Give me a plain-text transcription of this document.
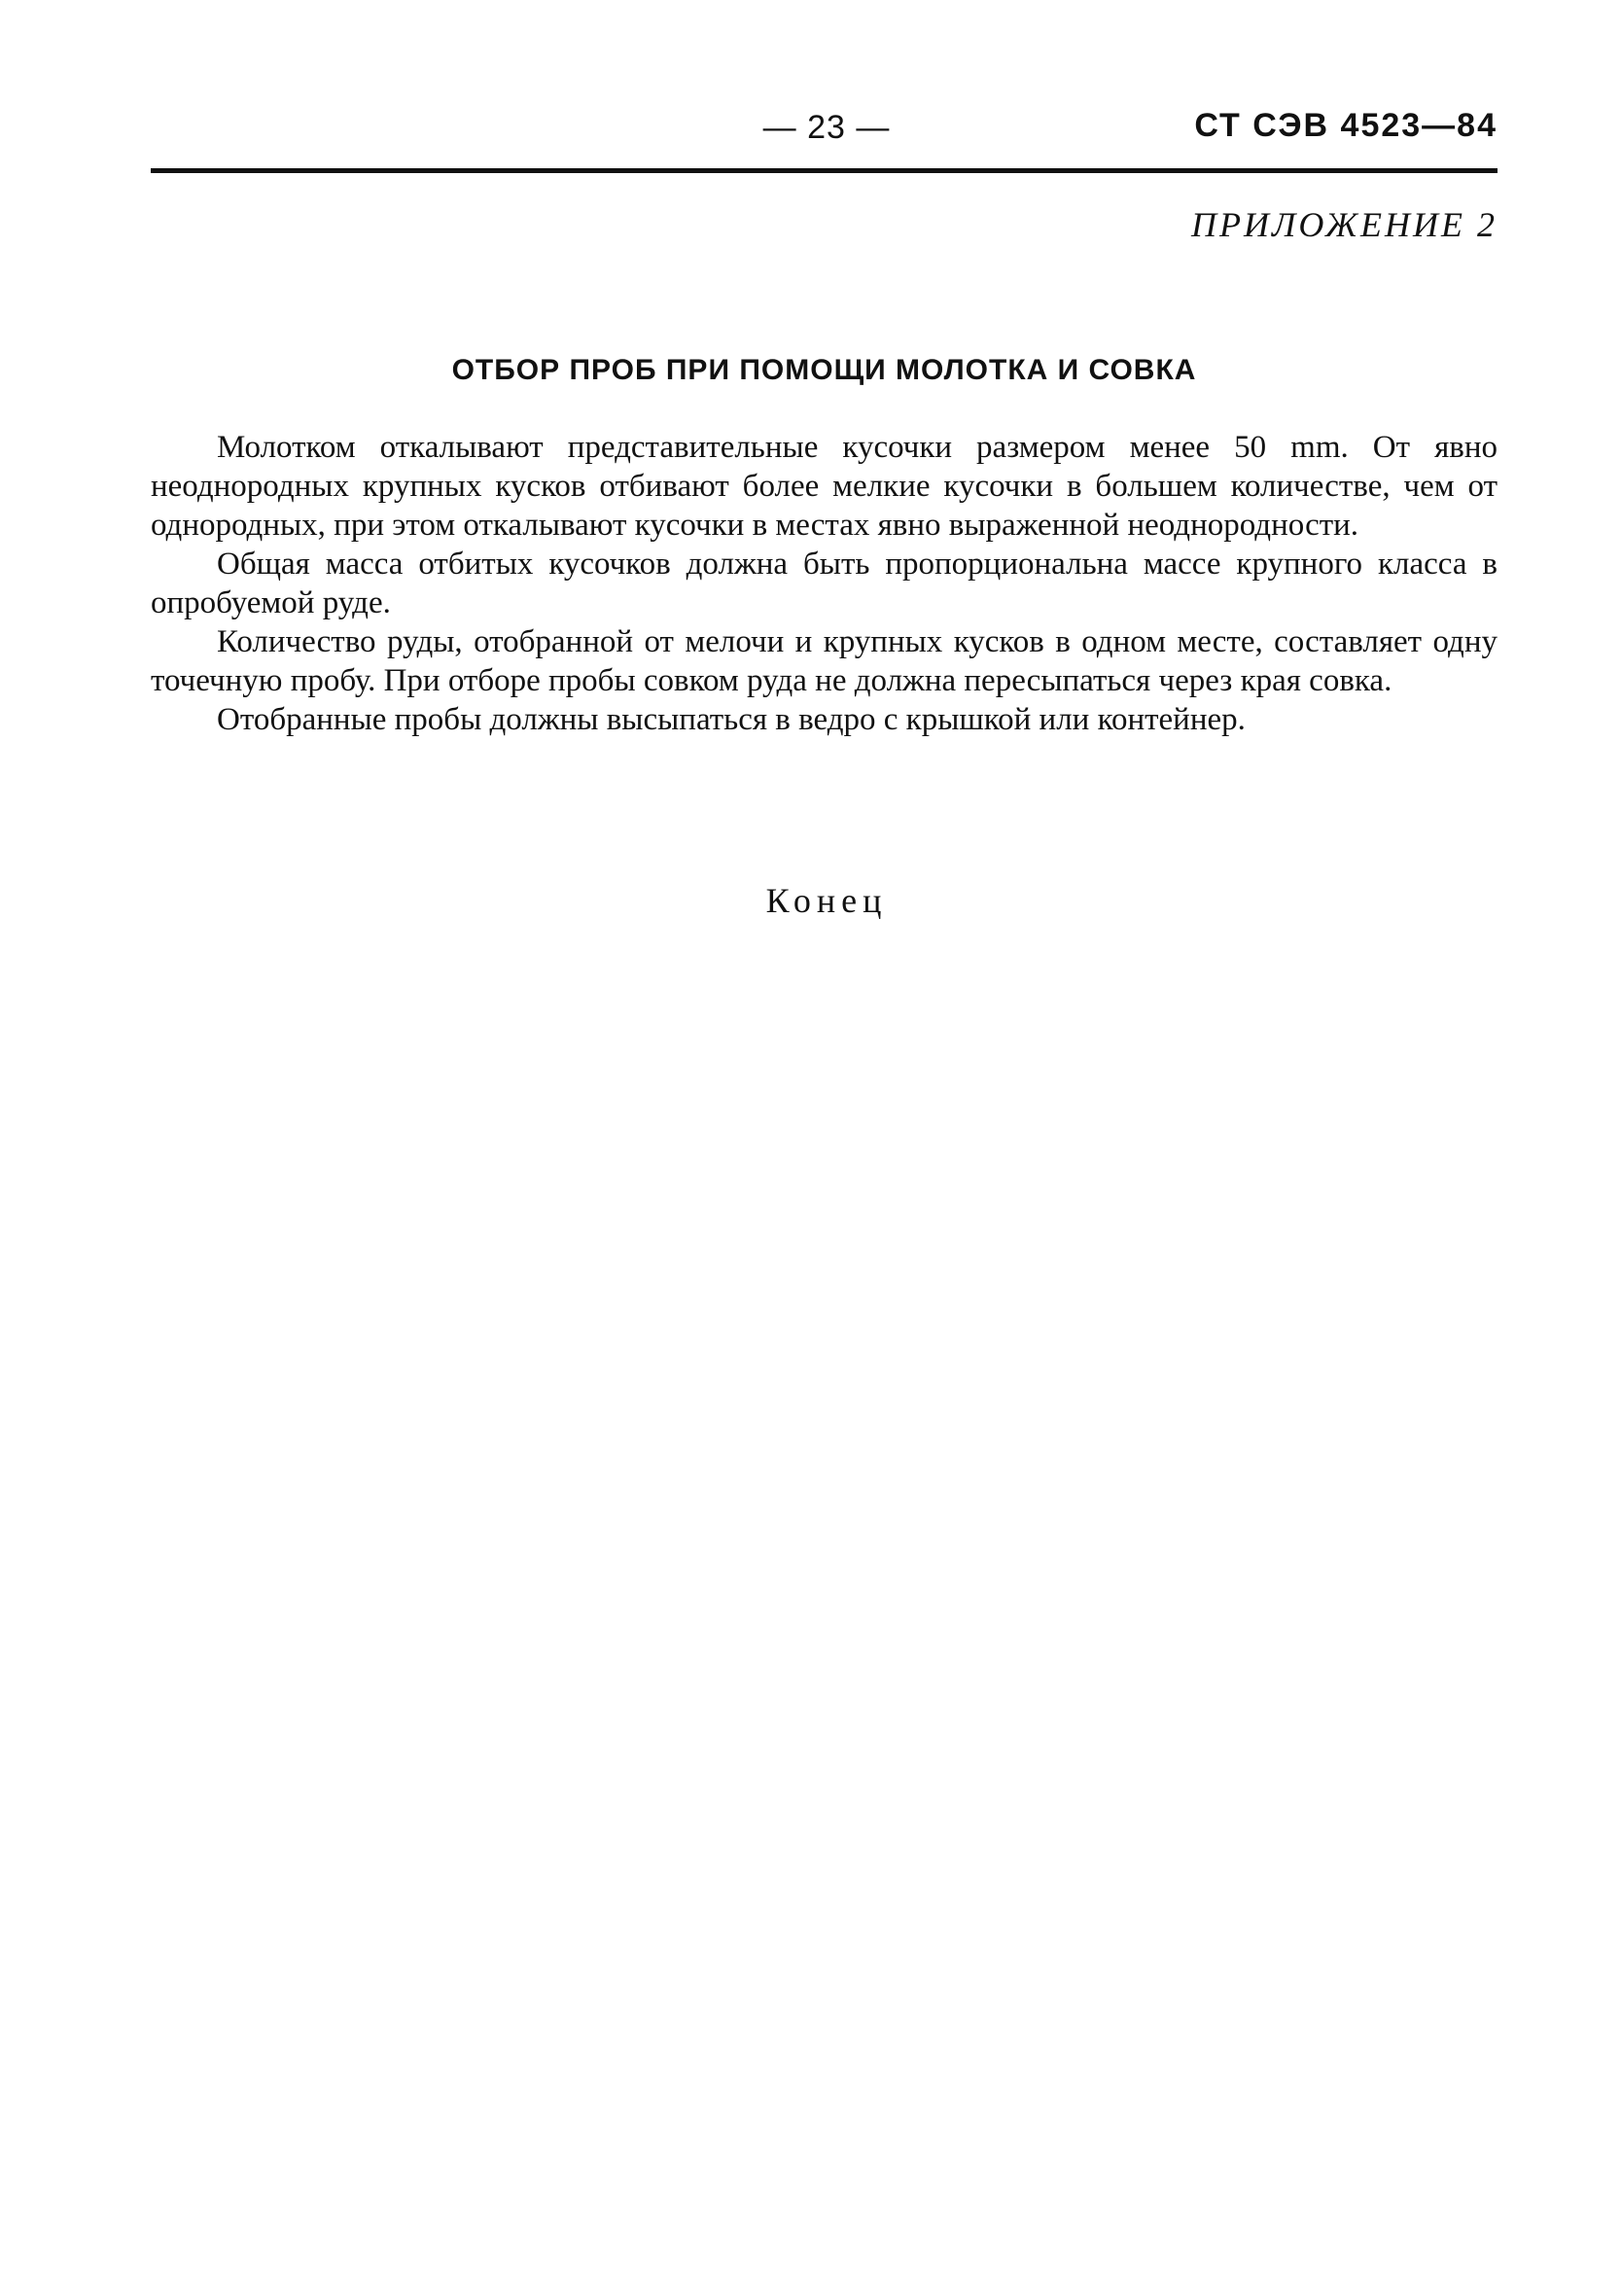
— 23 —	СТ СЭВ 4523—84
ПРИЛОЖЕНИЕ 2
ОТБОР ПРОБ ПРИ ПОМОЩИ МОЛОТКА И СОВКА

Молотком откалывают представительные кусочки размером менее 50 mm. От явно неоднородных крупных кусков отбивают более мелкие кусочки в большем количестве, чем от однородных, при этом откалывают кусочки в местах явно выраженной неоднородности.

Общая масса отбитых кусочков должна быть пропорциональна массе крупного класса в опробуемой руде.

Количество руды, отобранной от мелочи и крупных кусков в одном месте, составляет одну точечную пробу. При отборе пробы совком руда не должна пересыпаться через края совка.

Отобранные пробы должны высыпаться в ведро с крышкой или контейнер.

Конец
